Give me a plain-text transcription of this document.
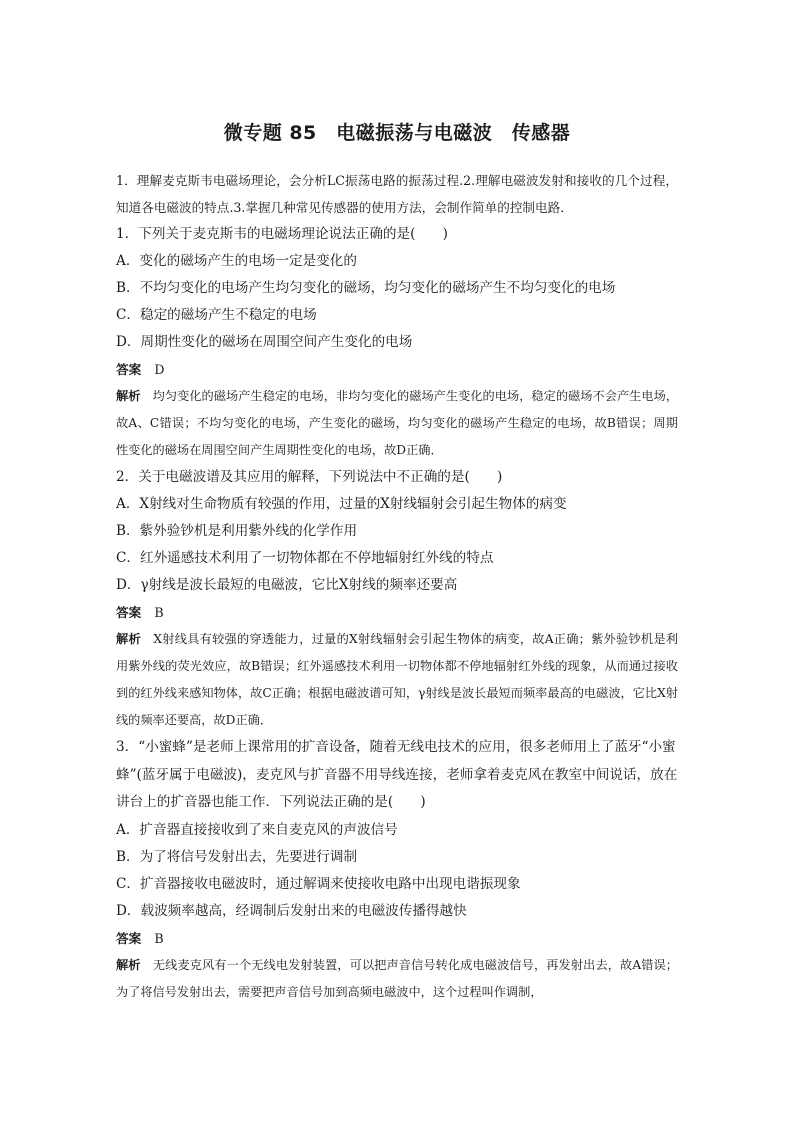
微专题 85　电磁振荡与电磁波　传感器

1．理解麦克斯韦电磁场理论，会分析LC振荡电路的振荡过程.2.理解电磁波发射和接收的几个过程，知道各电磁波的特点.3.掌握几种常见传感器的使用方法，会制作简单的控制电路．

1．下列关于麦克斯韦的电磁场理论说法正确的是(　　)

A．变化的磁场产生的电场一定是变化的

B．不均匀变化的电场产生均匀变化的磁场，均匀变化的磁场产生不均匀变化的电场

C．稳定的磁场产生不稳定的电场

D．周期性变化的磁场在周围空间产生变化的电场

答案 D

解析　 均匀变化的磁场产生稳定的电场，非均匀变化的磁场产生变化的电场，稳定的磁场不会产生电场，故A、C错误；不均匀变化的电场，产生变化的磁场，均匀变化的磁场产生稳定的电场，故B错误；周期性变化的磁场在周围空间产生周期性变化的电场，故D正确．

2．关于电磁波谱及其应用的解释，下列说法中不正确的是(　　)

A．X射线对生命物质有较强的作用，过量的X射线辐射会引起生物体的病变

B．紫外验钞机是利用紫外线的化学作用

C．红外遥感技术利用了一切物体都在不停地辐射红外线的特点

D．γ射线是波长最短的电磁波，它比X射线的频率还要高

答案 B

解析　 X射线具有较强的穿透能力，过量的X射线辐射会引起生物体的病变，故A正确；紫外验钞机是利用紫外线的荧光效应，故B错误；红外遥感技术利用一切物体都不停地辐射红外线的现象，从而通过接收到的红外线来感知物体，故C正确；根据电磁波谱可知，γ射线是波长最短而频率最高的电磁波，它比X射线的频率还要高，故D正确．

3．“小蜜蜂”是老师上课常用的扩音设备，随着无线电技术的应用，很多老师用上了蓝牙“小蜜蜂”(蓝牙属于电磁波)，麦克风与扩音器不用导线连接，老师拿着麦克风在教室中间说话，放在讲台上的扩音器也能工作．下列说法正确的是(　　)

A．扩音器直接接收到了来自麦克风的声波信号

B．为了将信号发射出去，先要进行调制

C．扩音器接收电磁波时，通过解调来使接收电路中出现电谐振现象

D．载波频率越高，经调制后发射出来的电磁波传播得越快

答案 B

解析　 无线麦克风有一个无线电发射装置，可以把声音信号转化成电磁波信号，再发射出去，故A错误；为了将信号发射出去，需要把声音信号加到高频电磁波中，这个过程叫作调制，
